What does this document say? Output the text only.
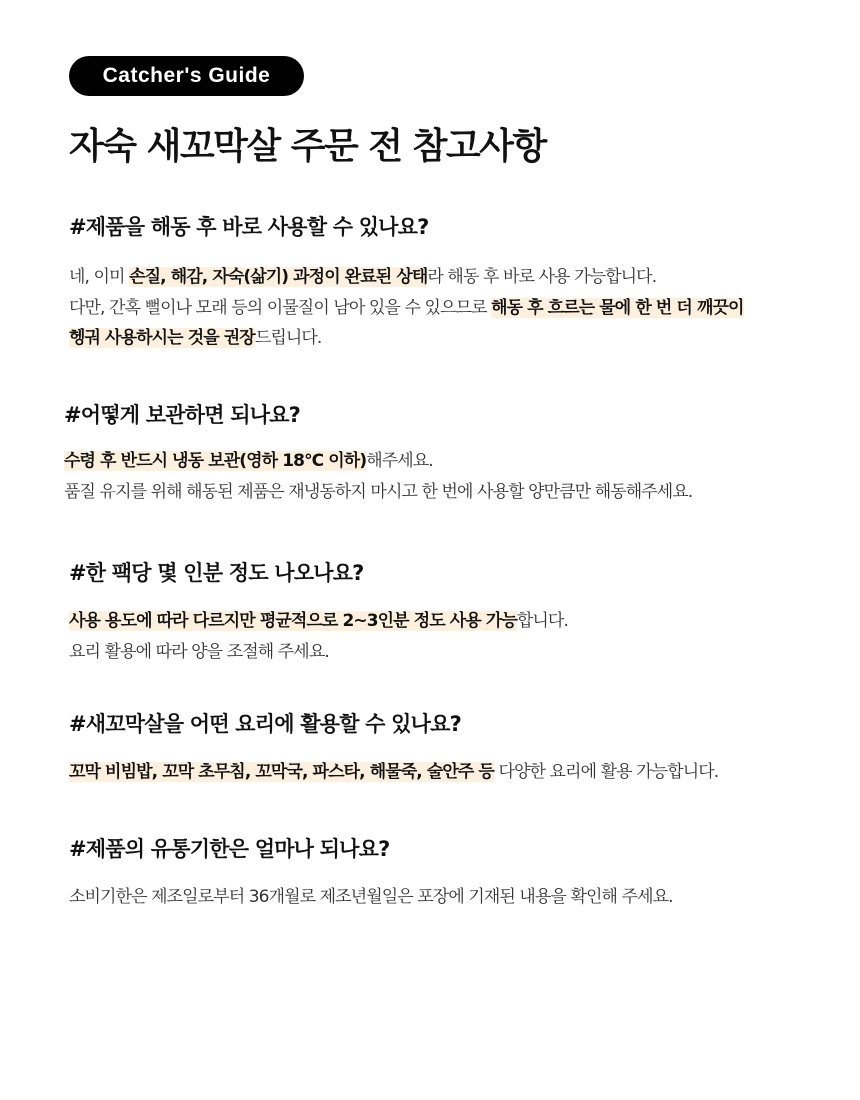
Catcher's Guide
자숙 새꼬막살 주문 전 참고사항
#제품을 해동 후 바로 사용할 수 있나요?
네, 이미 손질, 해감, 자숙(삶기) 과정이 완료된 상태라 해동 후 바로 사용 가능합니다.
다만, 간혹 뻘이나 모래 등의 이물질이 남아 있을 수 있으므로 해동 후 흐르는 물에 한 번 더 깨끗이
헹궈 사용하시는 것을 권장드립니다.
#어떻게 보관하면 되나요?
수령 후 반드시 냉동 보관(영하 18°C 이하)해주세요.
품질 유지를 위해 해동된 제품은 재냉동하지 마시고 한 번에 사용할 양만큼만 해동해주세요.
#한 팩당 몇 인분 정도 나오나요?
사용 용도에 따라 다르지만 평균적으로 2~3인분 정도 사용 가능합니다.
요리 활용에 따라 양을 조절해 주세요.
#새꼬막살을 어떤 요리에 활용할 수 있나요?
꼬막 비빔밥, 꼬막 초무침, 꼬막국, 파스타, 해물죽, 술안주 등 다양한 요리에 활용 가능합니다.
#제품의 유통기한은 얼마나 되나요?
소비기한은 제조일로부터 36개월로 제조년월일은 포장에 기재된 내용을 확인해 주세요.
